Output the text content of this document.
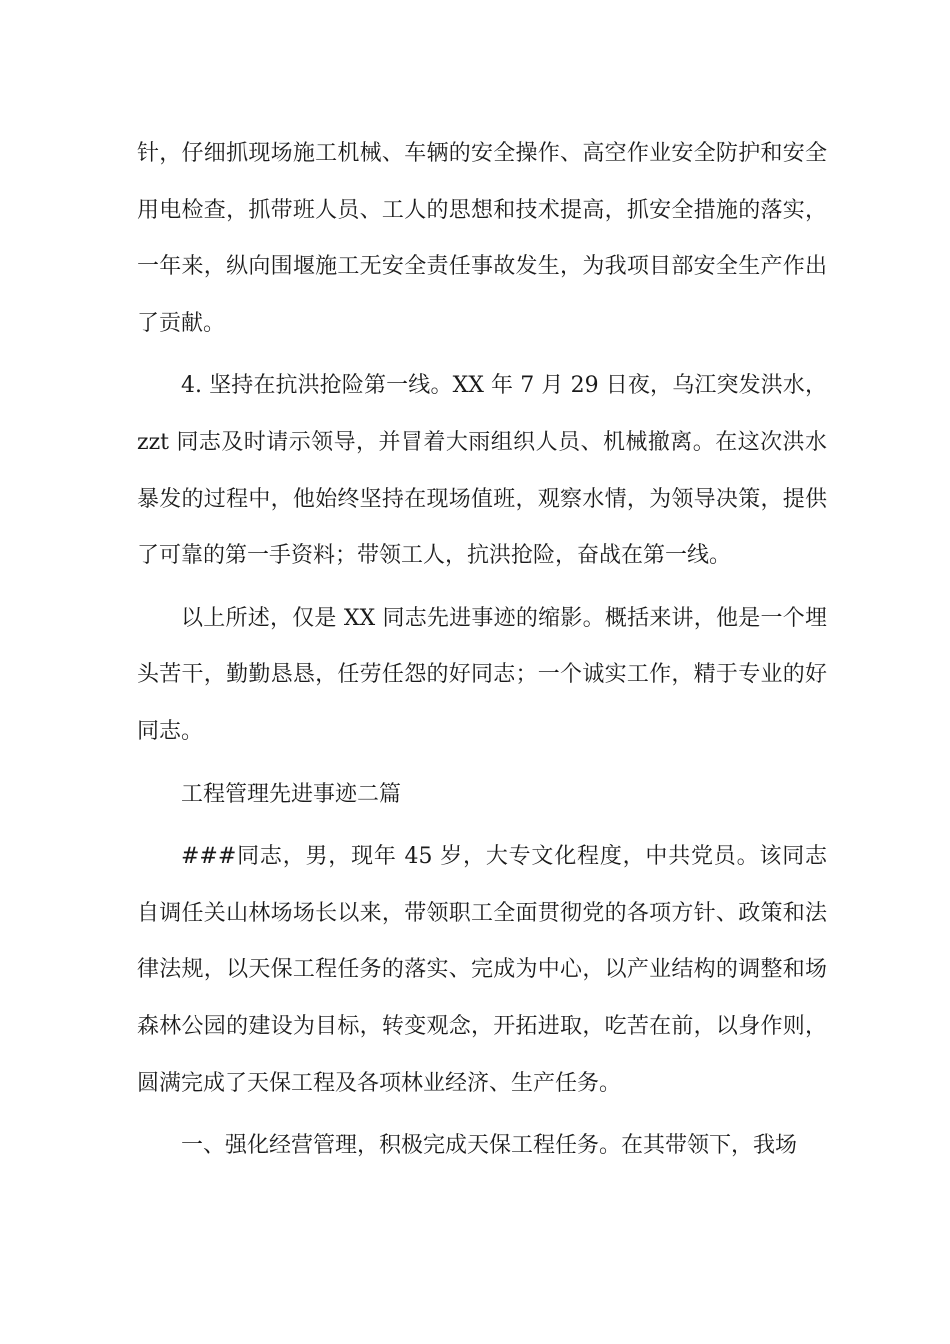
针，仔细抓现场施工机械、车辆的安全操作、高空作业安全防护和安全用电检查，抓带班人员、工人的思想和技术提高，抓安全措施的落实，一年来，纵向围堰施工无安全责任事故发生，为我项目部安全生产作出了贡献。

4. 坚持在抗洪抢险第一线。XX 年 7 月 29 日夜，乌江突发洪水，zzt 同志及时请示领导，并冒着大雨组织人员、机械撤离。在这次洪水暴发的过程中，他始终坚持在现场值班，观察水情，为领导决策，提供了可靠的第一手资料；带领工人，抗洪抢险，奋战在第一线。

以上所述，仅是 XX 同志先进事迹的缩影。概括来讲，他是一个埋头苦干，勤勤恳恳，任劳任怨的好同志；一个诚实工作，精于专业的好同志。

工程管理先进事迹二篇

###同志，男，现年 45 岁，大专文化程度，中共党员。该同志自调任关山林场场长以来，带领职工全面贯彻党的各项方针、政策和法律法规，以天保工程任务的落实、完成为中心，以产业结构的调整和场森林公园的建设为目标，转变观念，开拓进取，吃苦在前，以身作则，圆满完成了天保工程及各项林业经济、生产任务。

一、强化经营管理，积极完成天保工程任务。在其带领下，我场
